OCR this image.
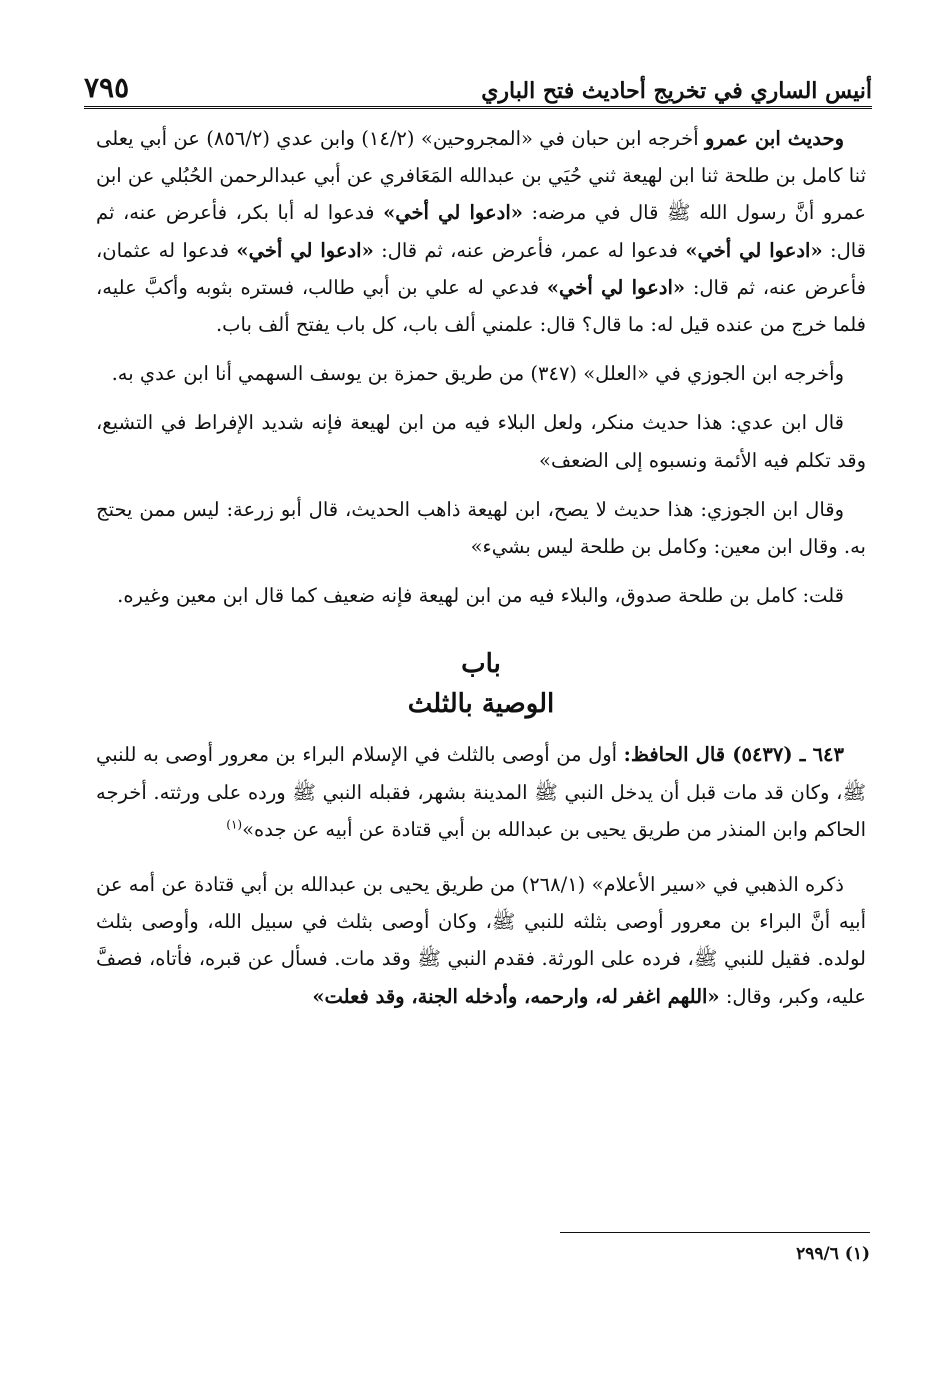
٧٩٥	أنيس الساري في تخريج أحاديث فتح الباري

وحديث ابن عمرو أخرجه ابن حبان في «المجروحين» (١٤/٢) وابن عدي (٨٥٦/٢) عن أبي يعلى ثنا كامل بن طلحة ثنا ابن لهيعة ثني حُيَي بن عبدالله المَعَافري عن أبي عبدالرحمن الحُبُلي عن ابن عمرو أنَّ رسول الله ﷺ قال في مرضه: «ادعوا لي أخي» فدعوا له أبا بكر، فأعرض عنه، ثم قال: «ادعوا لي أخي» فدعوا له عمر، فأعرض عنه، ثم قال: «ادعوا لي أخي» فدعوا له عثمان، فأعرض عنه، ثم قال: «ادعوا لي أخي» فدعي له علي بن أبي طالب، فستره بثوبه وأكبَّ عليه، فلما خرج من عنده قيل له: ما قال؟ قال: علمني ألف باب، كل باب يفتح ألف باب.

وأخرجه ابن الجوزي في «العلل» (٣٤٧) من طريق حمزة بن يوسف السهمي أنا ابن عدي به.

قال ابن عدي: هذا حديث منكر، ولعل البلاء فيه من ابن لهيعة فإنه شديد الإفراط في التشيع، وقد تكلم فيه الأئمة ونسبوه إلى الضعف»

وقال ابن الجوزي: هذا حديث لا يصح، ابن لهيعة ذاهب الحديث، قال أبو زرعة: ليس ممن يحتج به. وقال ابن معين: وكامل بن طلحة ليس بشيء»

قلت: كامل بن طلحة صدوق، والبلاء فيه من ابن لهيعة فإنه ضعيف كما قال ابن معين وغيره.

باب
الوصية بالثلث

٦٤٣ ـ (٥٤٣٧) قال الحافظ: أول من أوصى بالثلث في الإسلام البراء بن معرور أوصى به للنبي ﷺ، وكان قد مات قبل أن يدخل النبي ﷺ المدينة بشهر، فقبله النبي ﷺ ورده على ورثته. أخرجه الحاكم وابن المنذر من طريق يحيى بن عبدالله بن أبي قتادة عن أبيه عن جده»$^{(١)}$

ذكره الذهبي في «سير الأعلام» (٢٦٨/١) من طريق يحيى بن عبدالله بن أبي قتادة عن أمه عن أبيه أنَّ البراء بن معرور أوصى بثلثه للنبي ﷺ، وكان أوصى بثلث في سبيل الله، وأوصى بثلث لولده. فقيل للنبي ﷺ، فرده على الورثة. فقدم النبي ﷺ وقد مات. فسأل عن قبره، فأتاه، فصفَّ عليه، وكبر، وقال: «اللهم اغفر له، وارحمه، وأدخله الجنة، وقد فعلت»

(١) ٢٩٩/٦
